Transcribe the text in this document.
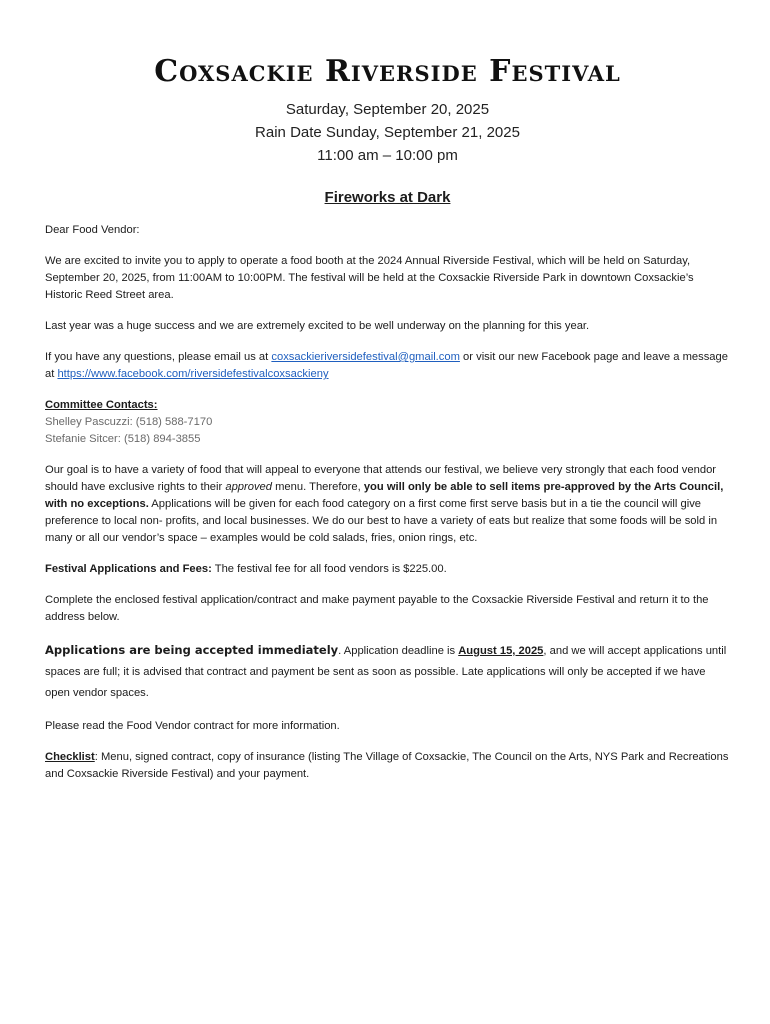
Coxsackie Riverside Festival
Saturday, September 20, 2025
Rain Date Sunday, September 21, 2025
11:00 am – 10:00 pm
Fireworks at Dark

Dear Food Vendor:

We are excited to invite you to apply to operate a food booth at the 2024 Annual Riverside Festival, which will be held on Saturday, September 20, 2025, from 11:00AM to 10:00PM. The festival will be held at the Coxsackie Riverside Park in downtown Coxsackie’s Historic Reed Street area.

Last year was a huge success and we are extremely excited to be well underway on the planning for this year.

If you have any questions, please email us at coxsackieriversidefestival@gmail.com or visit our new Facebook page and leave a message at https://www.facebook.com/riversidefestivalcoxsackieny

Committee Contacts:
Shelley Pascuzzi: (518) 588-7170
Stefanie Sitcer: (518) 894-3855

Our goal is to have a variety of food that will appeal to everyone that attends our festival, we believe very strongly that each food vendor should have exclusive rights to their approved menu. Therefore, you will only be able to sell items pre-approved by the Arts Council, with no exceptions. Applications will be given for each food category on a first come first serve basis but in a tie the council will give preference to local non- profits, and local businesses. We do our best to have a variety of eats but realize that some foods will be sold in many or all our vendor’s space – examples would be cold salads, fries, onion rings, etc.

Festival Applications and Fees: The festival fee for all food vendors is $225.00.

Complete the enclosed festival application/contract and make payment payable to the Coxsackie Riverside Festival and return it to the address below.

Applications are being accepted immediately. Application deadline is August 15, 2025, and we will accept applications until spaces are full; it is advised that contract and payment be sent as soon as possible. Late applications will only be accepted if we have open vendor spaces.

Please read the Food Vendor contract for more information.

Checklist: Menu, signed contract, copy of insurance (listing The Village of Coxsackie, The Council on the Arts, NYS Park and Recreations and Coxsackie Riverside Festival) and your payment.
